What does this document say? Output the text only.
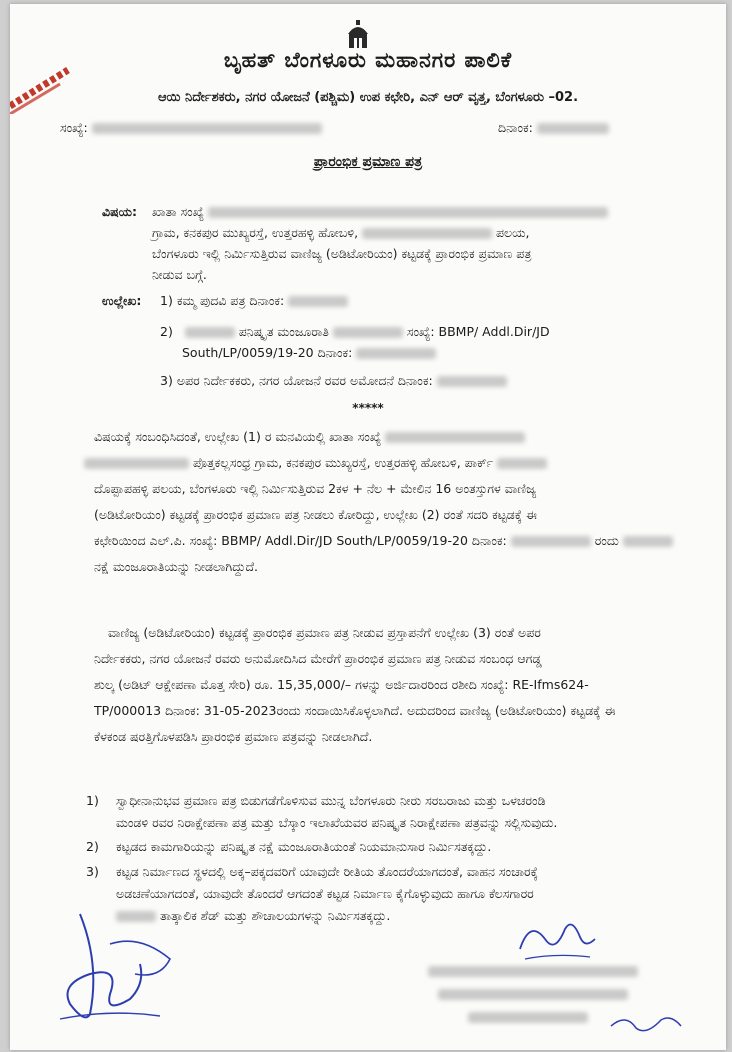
ಬೃಹತ್ ಬೆಂಗಳೂರು ಮಹಾನಗರ ಪಾಲಿಕೆ
ಆಯಿ ನಿರ್ದೇಶಕರು, ನಗರ ಯೋಜನೆ (ಪಶ್ಚಿಮ) ಉಪ ಕಛೇರಿ, ಎನ್ ಆರ್ ವೃತ್ತ, ಬೆಂಗಳೂರು –02.
ಸಂಖ್ಯೆ:	ದಿನಾಂಕ:
ಪ್ರಾರಂಭಿಕ ಪ್ರಮಾಣ ಪತ್ರ
ವಿಷಯ: ಖಾತಾ ಸಂಖ್ಯೆ
ಗ್ರಾಮ, ಕನಕಪುರ ಮುಖ್ಯರಸ್ತೆ, ಉತ್ತರಹಳ್ಳಿ ಹೋಬಳಿ,	ಪಲಯ,
ಬೆಂಗಳೂರು ಇಲ್ಲಿ ನಿರ್ಮಿಸುತ್ತಿರುವ ವಾಣಿಜ್ಯ (ಅಡಿಟೋರಿಯಂ) ಕಟ್ಟಡಕ್ಕೆ ಪ್ರಾರಂಭಿಕ ಪ್ರಮಾಣ ಪತ್ರ
ನೀಡುವ ಬಗ್ಗೆ.
ಉಲ್ಲೇಖ: 1) ಕಮ್ಮ ಪುದವಿ ಪತ್ರ ದಿನಾಂಕ:
2)	ಪನಿಷ್ಕೃತ ಮಂಜೂರಾತಿ	ಸಂಖ್ಯೆ: BBMP/ Addl.Dir/JD
South/LP/0059/19-20 ದಿನಾಂಕ:
3) ಅಪರ ನಿರ್ದೇಕಕರು, ನಗರ ಯೋಜನೆ ರವರ ಅಮೋದನೆ ದಿನಾಂಕ:
*****
ವಿಷಯಕ್ಕೆ ಸಂಬಂಧಿಸಿದಂತೆ, ಉಲ್ಲೇಖ (1) ರ ಮನವಿಯಲ್ಲಿ ಖಾತಾ ಸಂಖ್ಯೆ
ಪೊತ್ತಕಲ್ಲಸಂಧ್ರ ಗ್ರಾಮ, ಕನಕಪುರ ಮುಖ್ಯರಸ್ತೆ, ಉತ್ತರಹಳ್ಳಿ ಹೋಬಳಿ, ಪಾರ್ಕ್
ದೊಪ್ಪಾಪಹಳ್ಳಿ ಪಲಯ, ಬೆಂಗಳೂರು ಇಲ್ಲಿ ನಿರ್ಮಿಸುತ್ತಿರುವ 2ಕಳ + ನೆಲ + ಮೇಲಿನ 16 ಅಂತಸ್ತುಗಳ ವಾಣಿಜ್ಯ
(ಅಡಿಟೋರಿಯಂ) ಕಟ್ಟಡಕ್ಕೆ ಪ್ರಾರಂಭಿಕ ಪ್ರಮಾಣ ಪತ್ರ ನೀಡಲು ಕೋರಿದ್ದು, ಉಲ್ಲೇಖ (2) ರಂತೆ ಸದರಿ ಕಟ್ಟಡಕ್ಕೆ ಈ
ಕಛೇರಿಯಿಂದ ಎಲ್.ಪಿ. ಸಂಖ್ಯೆ: BBMP/ Addl.Dir/JD South/LP/0059/19-20 ದಿನಾಂಕ:	ರಂದು
ನಕ್ಷೆ ಮಂಜೂರಾತಿಯನ್ನು ನೀಡಲಾಗಿದ್ದುದೆ.
ವಾಣಿಜ್ಯ (ಅಡಿಟೋರಿಯಂ) ಕಟ್ಟಡಕ್ಕೆ ಪ್ರಾರಂಭಿಕ ಪ್ರಮಾಣ ಪತ್ರ ನೀಡುವ ಪ್ರಸ್ತಾಪನೆಗೆ ಉಲ್ಲೇಖ (3) ರಂತೆ ಅಪರ
ನಿರ್ದೇಕಕರು, ನಗರ ಯೋಜನೆ ರವರು ಅನುಮೋದಿಸಿದ ಮೇರೆಗೆ ಪ್ರಾರಂಭಿಕ ಪ್ರಮಾಣ ಪತ್ರ ನೀಡುವ ಸಂಬಂಧ ಆಗಡ್ಡ
ಶುಲ್ಕ (ಅಡಿಟ್ ಆಕ್ಷೇಪಣಾ ಮೊತ್ತ ಸೇರಿ) ರೂ. 15,35,000/– ಗಳನ್ನು ಅರ್ಜಿದಾರರಿಂದ ರಶೀದಿ ಸಂಖ್ಯೆ: RE-Ifms624-
TP/000013 ದಿನಾಂಕ: 31-05-2023ರಂದು ಸಂದಾಯಿಸಿಕೊಳ್ಳಲಾಗಿದೆ. ಅದುದರಿಂದ ವಾಣಿಜ್ಯ (ಅಡಿಟೋರಿಯಂ) ಕಟ್ಟಡಕ್ಕೆ ಈ
ಕೆಳಕಂಡ ಷರತ್ತಿಗೊಳಪಡಿಸಿ ಪ್ರಾರಂಭಿಕ ಪ್ರಮಾಣ ಪತ್ರವನ್ನು ನೀಡಲಾಗಿದೆ.
1) ಸ್ವಾಧೀನಾನುಭವ ಪ್ರಮಾಣ ಪತ್ರ ಬಿಡುಗಡೆಗೊಳಿಸುವ ಮುನ್ನ ಬೆಂಗಳೂರು ನೀರು ಸರಬರಾಜು ಮತ್ತು ಒಳಚರಂಡಿ
ಮಂಡಳಿ ರವರ ನಿರಾಕ್ಷೇಪಣಾ ಪತ್ರ ಮತ್ತು ಬೆಸ್ಕಾಂ ಇಲಾಖೆಯವರ ಪನಿಷ್ಕೃತ ನಿರಾಕ್ಷೇಪಣಾ ಪತ್ರವನ್ನು ಸಲ್ಲಿಸುವುದು.
2) ಕಟ್ಟಡದ ಕಾಮಗಾರಿಯನ್ನು ಪನಿಷ್ಕೃತ ನಕ್ಷೆ ಮಂಜೂರಾತಿಯಂತೆ ನಿಯಮಾನುಸಾರ ನಿರ್ಮಿಸತಕ್ಕದ್ದು.
3) ಕಟ್ಟಡ ನಿರ್ಮಾಣದ ಸ್ಥಳದಲ್ಲಿ ಅಕ್ಕ–ಪಕ್ಕದವರಿಗೆ ಯಾವುದೇ ರೀತಿಯ ತೊಂದರೆಯಾಗದಂತೆ, ವಾಹನ ಸಂಚಾರಕ್ಕೆ
ಅಡಚಣೆಯಾಗದಂತೆ, ಯಾವುದೇ ತೊಂದರೆ ಆಗದಂತೆ ಕಟ್ಟಡ ನಿರ್ಮಾಣ ಕೈಗೊಳ್ಳುವುದು ಹಾಗೂ ಕೆಲಸಗಾರರ
ತಾತ್ಕಾಲಿಕ ಶೆಡ್ ಮತ್ತು ಶೌಚಾಲಯಗಳನ್ನು ನಿರ್ಮಿಸತಕ್ಕದ್ದು.
